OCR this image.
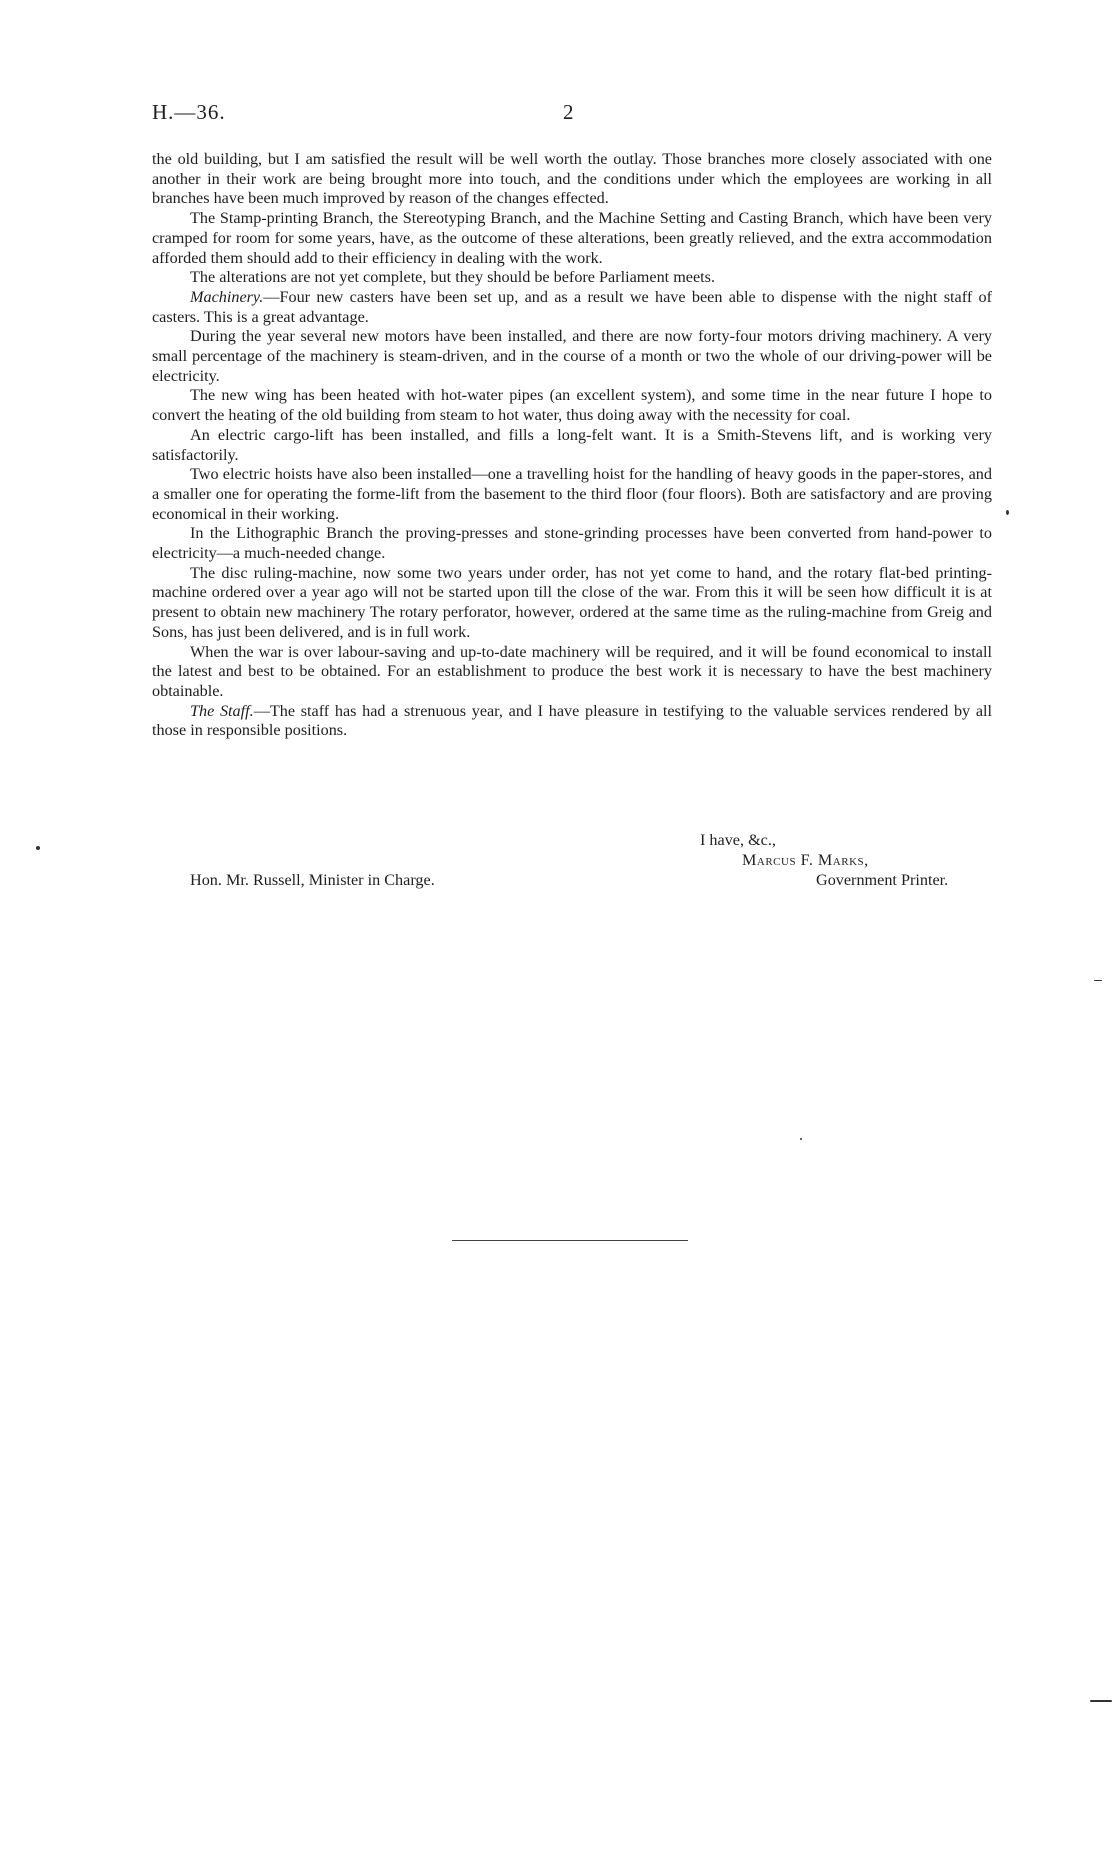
H.—36.	2

the old building, but I am satisfied the result will be well worth the outlay. Those branches more closely associated with one another in their work are being brought more into touch, and the conditions under which the employees are working in all branches have been much improved by reason of the changes effected.

The Stamp-printing Branch, the Stereotyping Branch, and the Machine Setting and Casting Branch, which have been very cramped for room for some years, have, as the outcome of these alterations, been greatly relieved, and the extra accommodation afforded them should add to their efficiency in dealing with the work.

The alterations are not yet complete, but they should be before Parliament meets.

Machinery.—Four new casters have been set up, and as a result we have been able to dispense with the night staff of casters. This is a great advantage.

During the year several new motors have been installed, and there are now forty-four motors driving machinery. A very small percentage of the machinery is steam-driven, and in the course of a month or two the whole of our driving-power will be electricity.

The new wing has been heated with hot-water pipes (an excellent system), and some time in the near future I hope to convert the heating of the old building from steam to hot water, thus doing away with the necessity for coal.

An electric cargo-lift has been installed, and fills a long-felt want. It is a Smith-Stevens lift, and is working very satisfactorily.

Two electric hoists have also been installed—one a travelling hoist for the handling of heavy goods in the paper-stores, and a smaller one for operating the forme-lift from the basement to the third floor (four floors). Both are satisfactory and are proving economical in their working.

In the Lithographic Branch the proving-presses and stone-grinding processes have been converted from hand-power to electricity—a much-needed change.

The disc ruling-machine, now some two years under order, has not yet come to hand, and the rotary flat-bed printing-machine ordered over a year ago will not be started upon till the close of the war. From this it will be seen how difficult it is at present to obtain new machinery The rotary perforator, however, ordered at the same time as the ruling-machine from Greig and Sons, has just been delivered, and is in full work.

When the war is over labour-saving and up-to-date machinery will be required, and it will be found economical to install the latest and best to be obtained. For an establishment to produce the best work it is necessary to have the best machinery obtainable.

The Staff.—The staff has had a strenuous year, and I have pleasure in testifying to the valuable services rendered by all those in responsible positions.

I have, &c.,
Marcus F. Marks,
Government Printer.
Hon. Mr. Russell, Minister in Charge.
